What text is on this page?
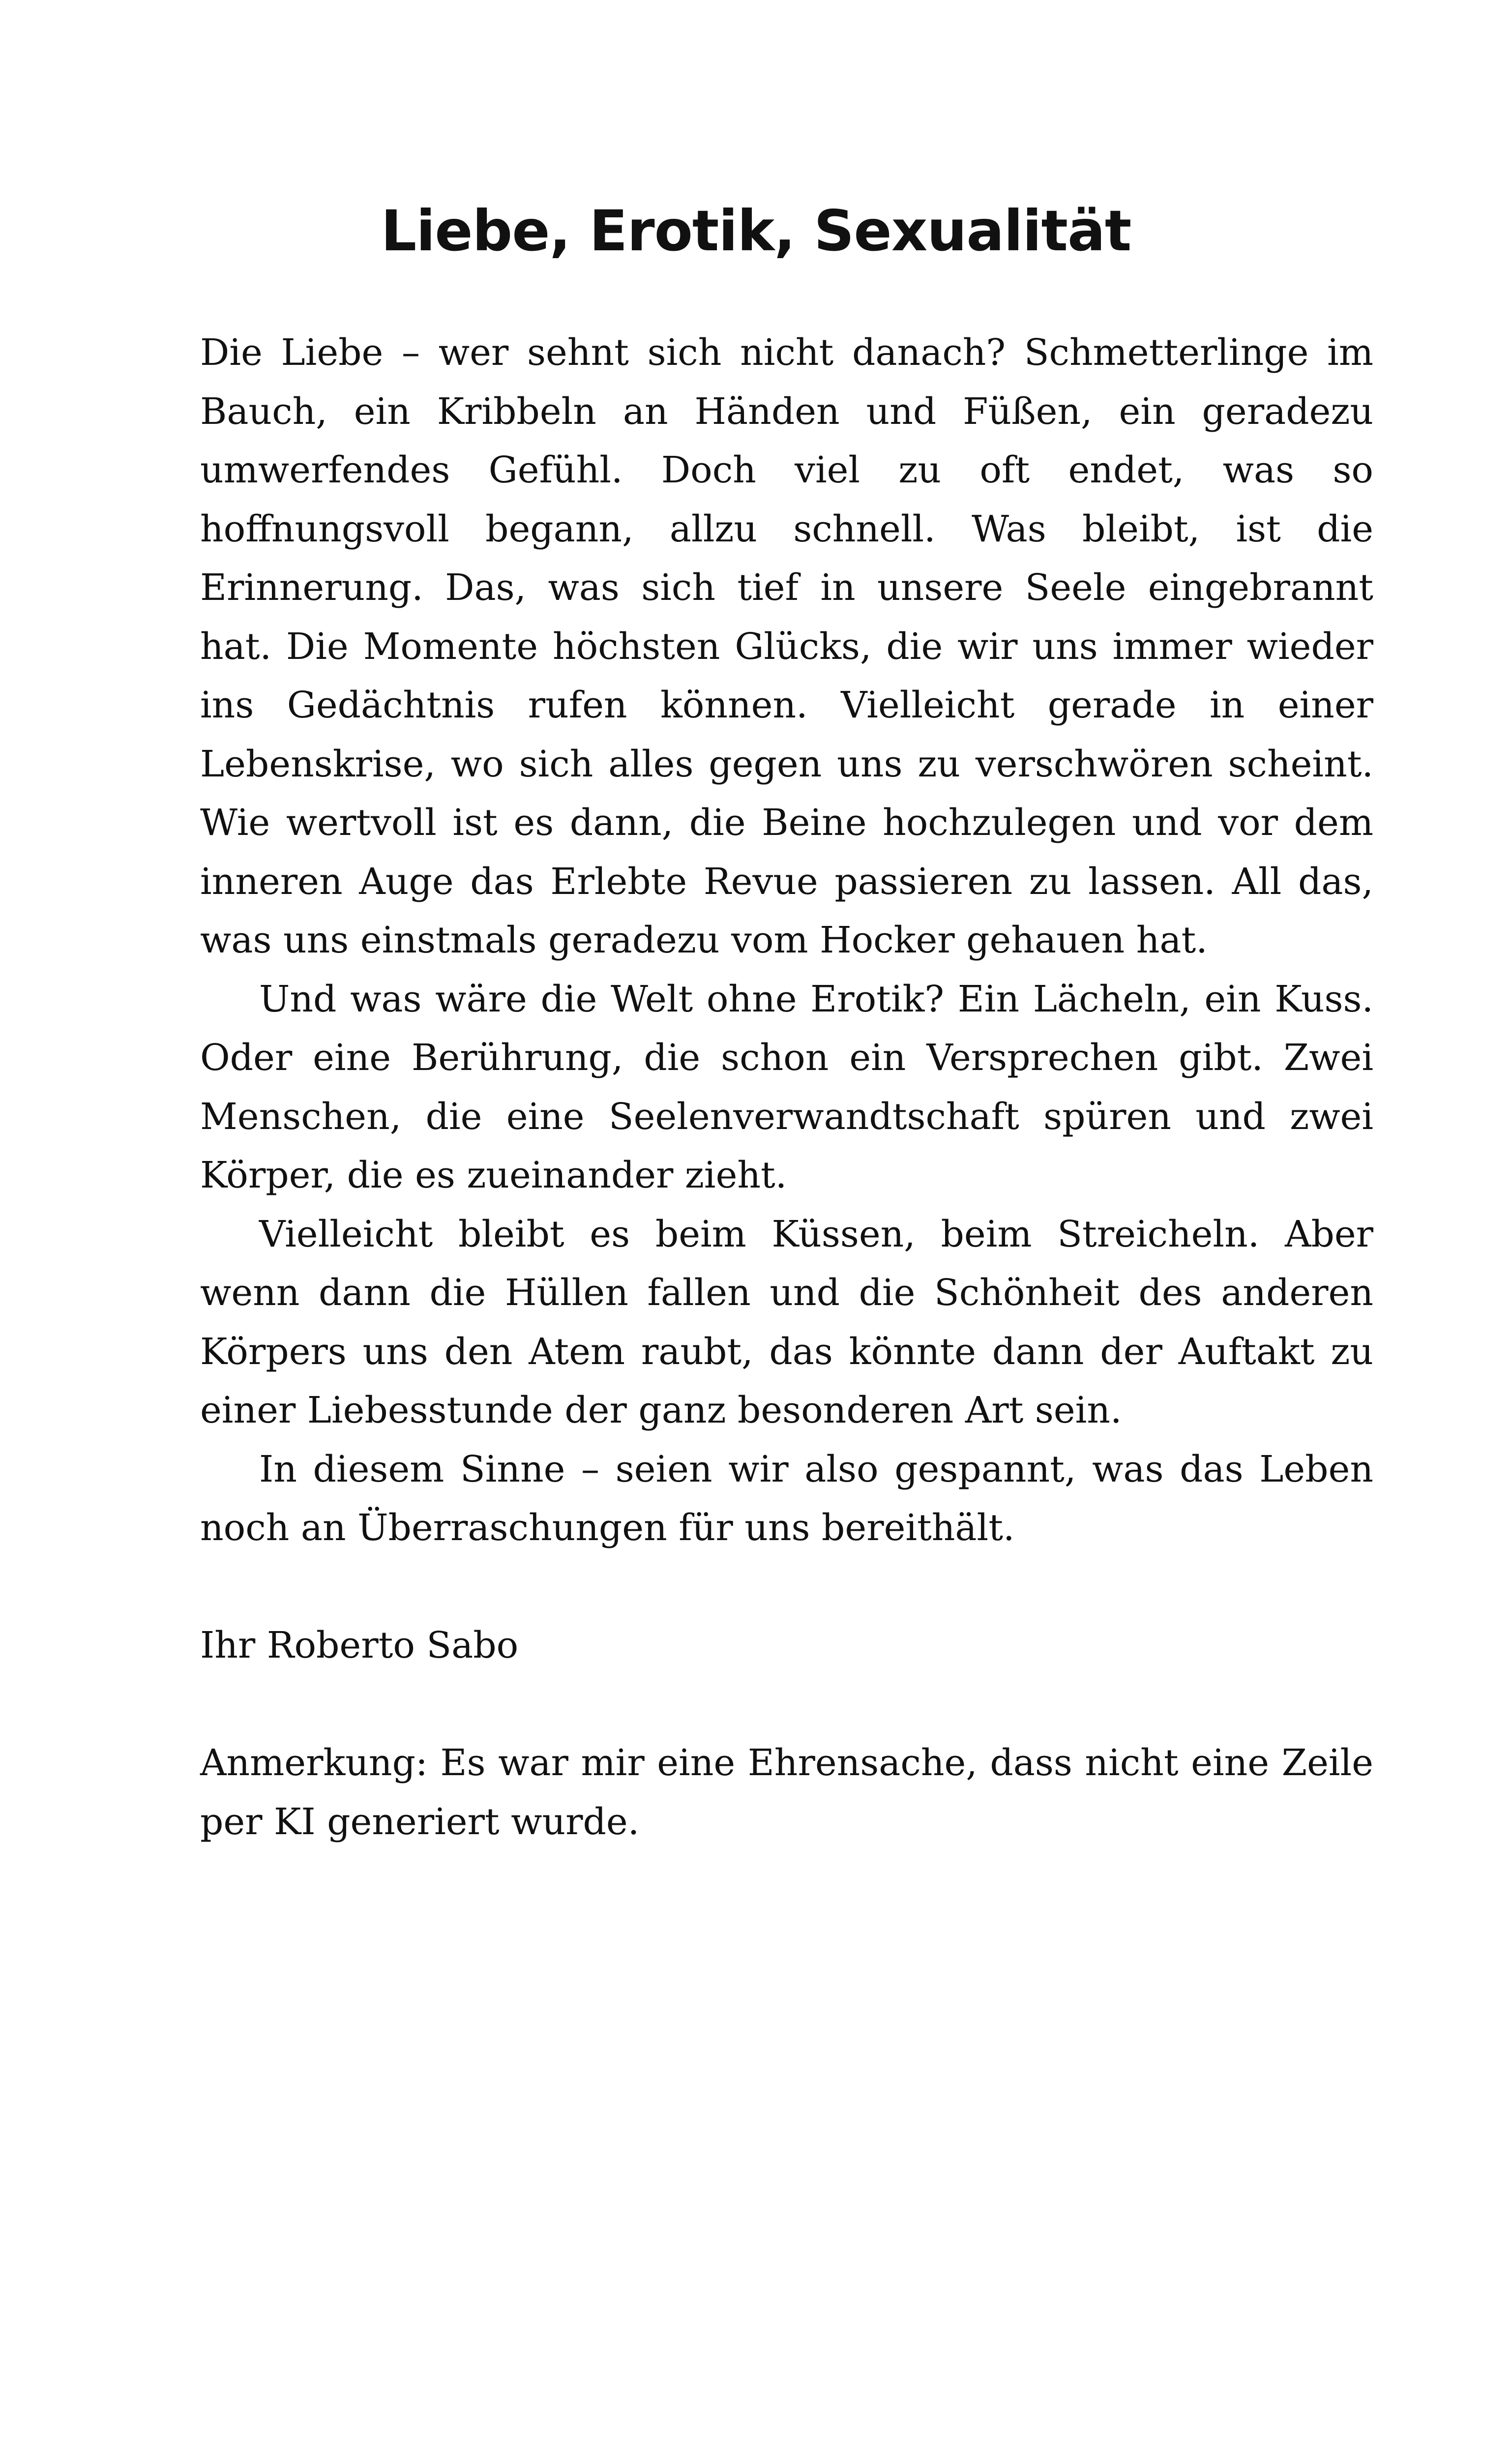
Liebe, Erotik, Sexualität

Die Liebe – wer sehnt sich nicht danach? Schmetterlinge im Bauch, ein Kribbeln an Händen und Füßen, ein geradezu umwerfendes Gefühl. Doch viel zu oft endet, was so hoffnungsvoll begann, allzu schnell. Was bleibt, ist die Erinnerung. Das, was sich tief in unsere Seele eingebrannt hat. Die Momente höchsten Glücks, die wir uns immer wieder ins Gedächtnis rufen können. Vielleicht gerade in einer Lebenskrise, wo sich alles gegen uns zu verschwören scheint. Wie wertvoll ist es dann, die Beine hochzulegen und vor dem inneren Auge das Erlebte Revue passieren zu lassen. All das, was uns einstmals geradezu vom Hocker gehauen hat.

Und was wäre die Welt ohne Erotik? Ein Lächeln, ein Kuss. Oder eine Berührung, die schon ein Versprechen gibt. Zwei Menschen, die eine Seelenverwandtschaft spüren und zwei Körper, die es zueinander zieht.

Vielleicht bleibt es beim Küssen, beim Streicheln. Aber wenn dann die Hüllen fallen und die Schönheit des anderen Körpers uns den Atem raubt, das könnte dann der Auftakt zu einer Liebesstunde der ganz besonderen Art sein.

In diesem Sinne – seien wir also gespannt, was das Leben noch an Überraschungen für uns bereithält.

Ihr Roberto Sabo

Anmerkung: Es war mir eine Ehrensache, dass nicht eine Zeile per KI generiert wurde.
